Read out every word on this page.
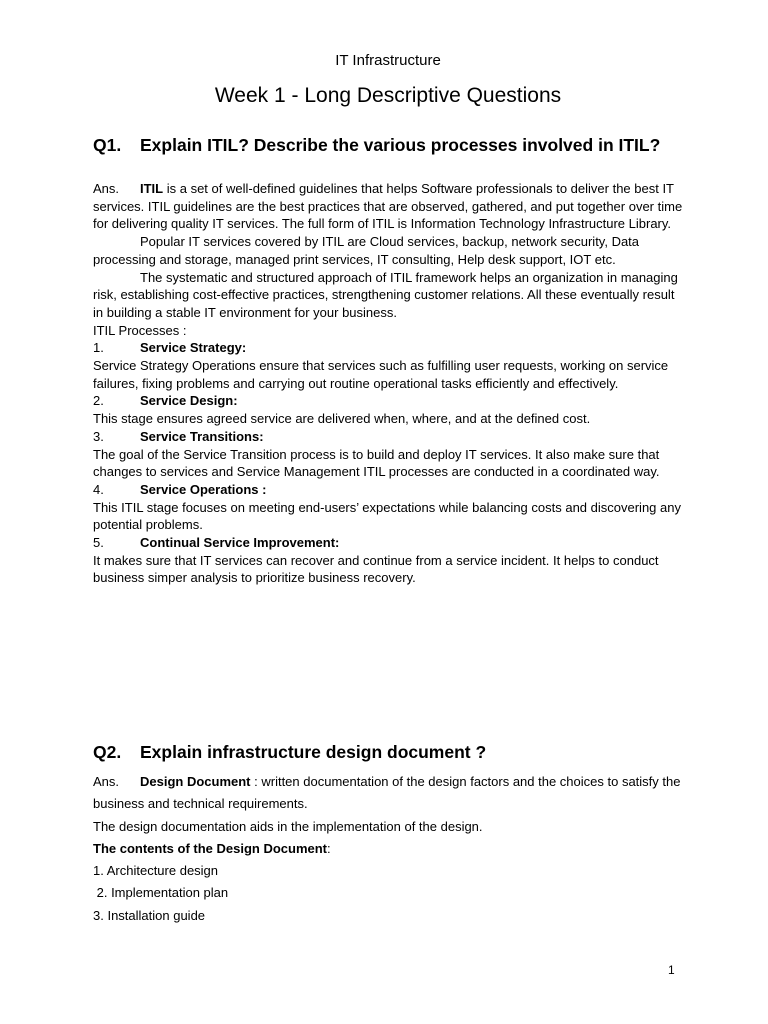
IT Infrastructure
Week 1 - Long Descriptive Questions
Q1. Explain ITIL? Describe the various processes involved in ITIL?

Ans. ITIL is a set of well-defined guidelines that helps Software professionals to deliver the best IT services. ITIL guidelines are the best practices that are observed, gathered, and put together over time for delivering quality IT services. The full form of ITIL is Information Technology Infrastructure Library.

Popular IT services covered by ITIL are Cloud services, backup, network security, Data processing and storage, managed print services, IT consulting, Help desk support, IOT etc.

The systematic and structured approach of ITIL framework helps an organization in managing risk, establishing cost-effective practices, strengthening customer relations. All these eventually result in building a stable IT environment for your business.

ITIL Processes :

1.	Service Strategy:

Service Strategy Operations ensure that services such as fulfilling user requests, working on service failures, fixing problems and carrying out routine operational tasks efficiently and effectively.

2.	Service Design:

This stage ensures agreed service are delivered when, where, and at the defined cost.

3.	Service Transitions:

The goal of the Service Transition process is to build and deploy IT services. It also make sure that changes to services and Service Management ITIL processes are conducted in a coordinated way.

4.	Service Operations :

This ITIL stage focuses on meeting end-users’ expectations while balancing costs and discovering any potential problems.

5.	Continual Service Improvement:

It makes sure that IT services can recover and continue from a service incident. It helps to conduct business simper analysis to prioritize business recovery.

Q2. Explain infrastructure design document ?

Ans. Design Document : written documentation of the design factors and the choices to satisfy the business and technical requirements.

The design documentation aids in the implementation of the design.

The contents of the Design Document:

1. Architecture design

2. Implementation plan

3. Installation guide

1
